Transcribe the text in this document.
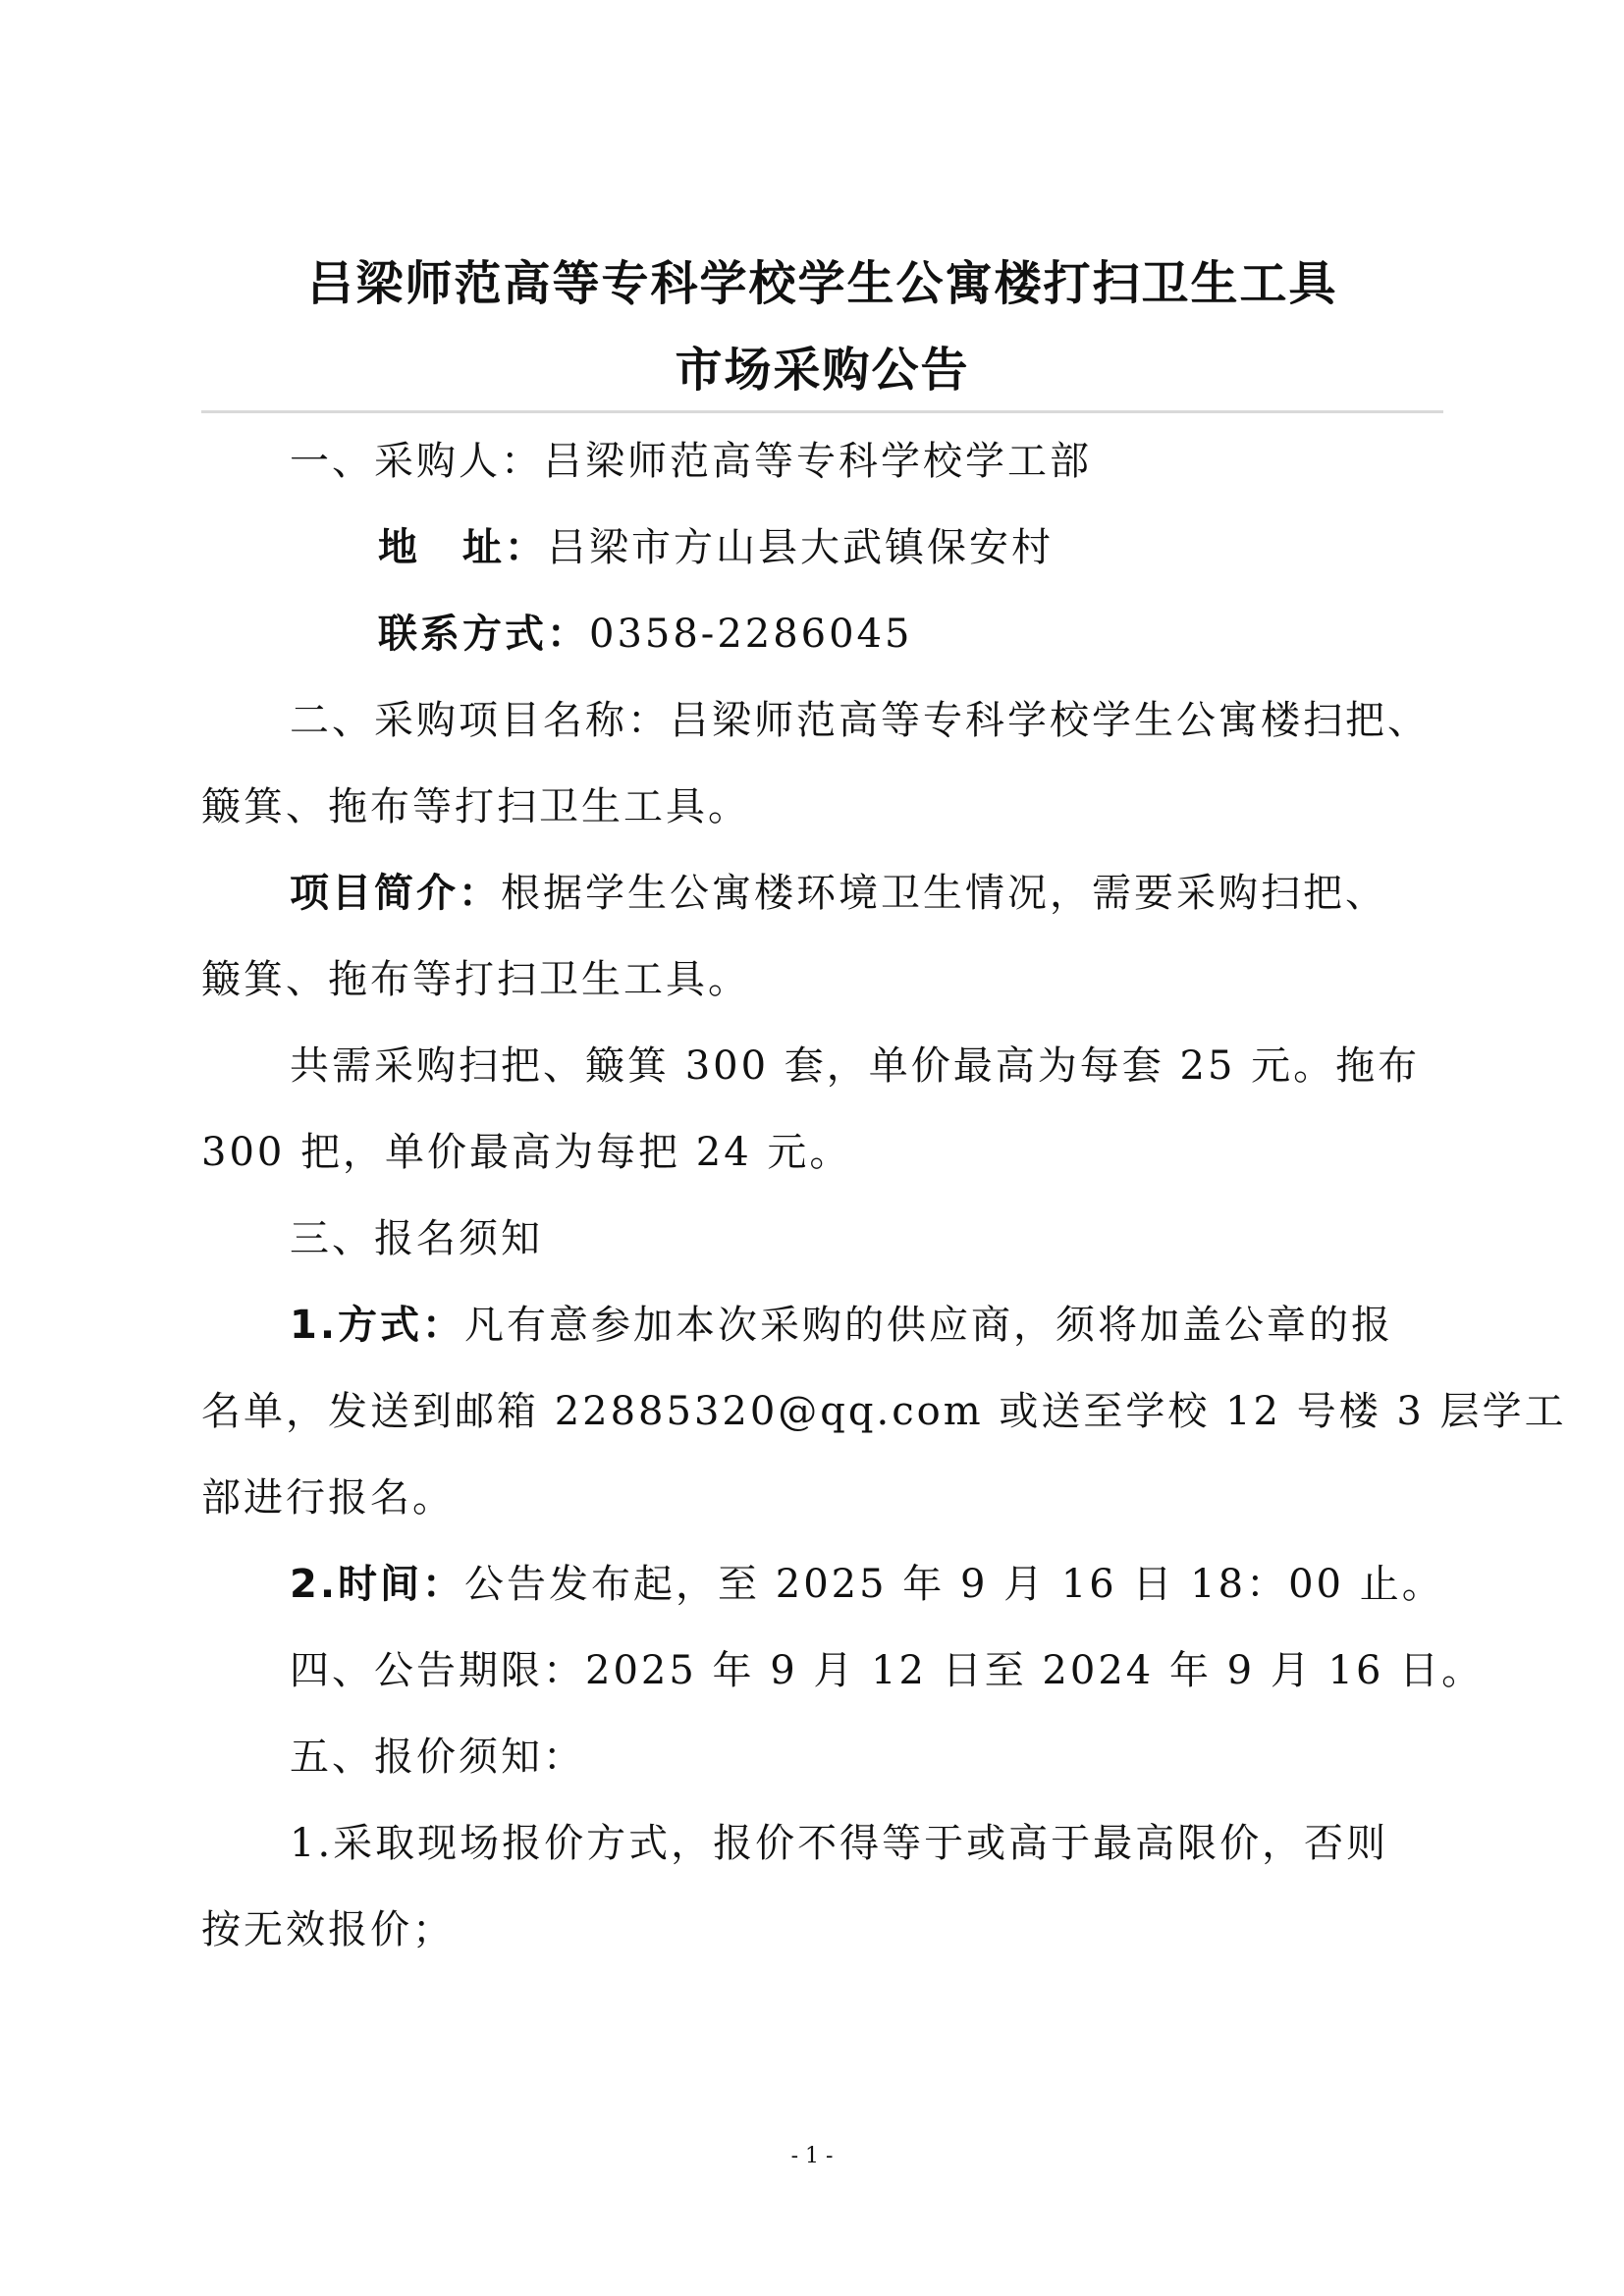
吕梁师范高等专科学校学生公寓楼打扫卫生工具
市场采购公告
一、采购人：吕梁师范高等专科学校学工部
地　址：吕梁市方山县大武镇保安村
联系方式：0358-2286045
二、采购项目名称：吕梁师范高等专科学校学生公寓楼扫把、
簸箕、拖布等打扫卫生工具。
项目简介：根据学生公寓楼环境卫生情况，需要采购扫把、
簸箕、拖布等打扫卫生工具。
共需采购扫把、簸箕 300 套，单价最高为每套 25 元。拖布
300 把，单价最高为每把 24 元。
三、报名须知
1.方式：凡有意参加本次采购的供应商，须将加盖公章的报
名单，发送到邮箱 22885320@qq.com 或送至学校 12 号楼 3 层学工
部进行报名。
2.时间：公告发布起，至 2025 年 9 月 16 日 18：00 止。
四、公告期限：2025 年 9 月 12 日至 2024 年 9 月 16 日。
五、报价须知：
1.采取现场报价方式，报价不得等于或高于最高限价，否则
按无效报价；
- 1 -
